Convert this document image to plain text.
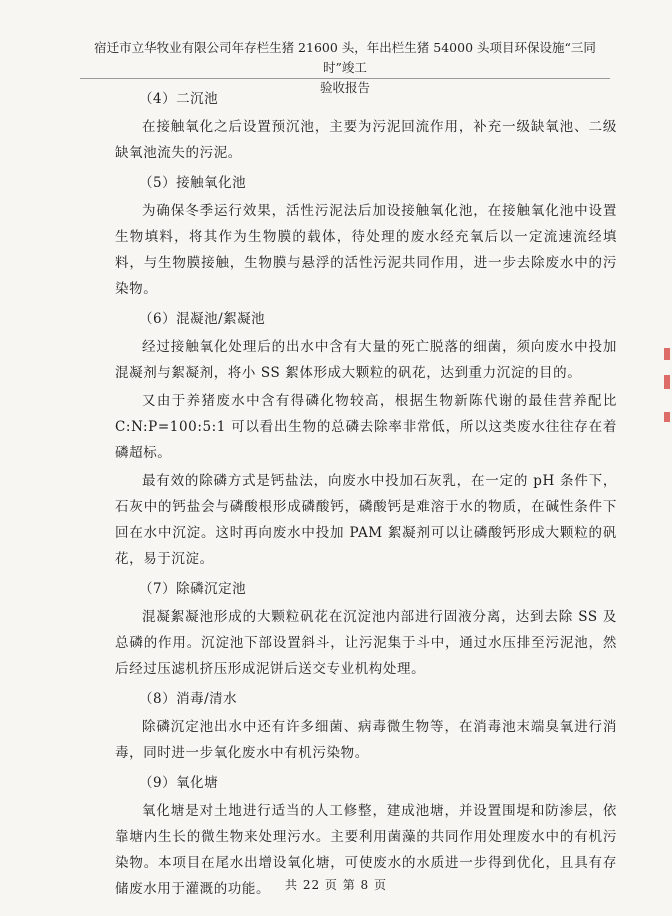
宿迁市立华牧业有限公司年存栏生猪 21600 头，年出栏生猪 54000 头项目环保设施“三同时”竣工
验收报告

（4）二沉池

在接触氧化之后设置预沉池，主要为污泥回流作用，补充一级缺氧池、二级缺氧池流失的污泥。

（5）接触氧化池

为确保冬季运行效果，活性污泥法后加设接触氧化池，在接触氧化池中设置生物填料，将其作为生物膜的载体，待处理的废水经充氧后以一定流速流经填料，与生物膜接触，生物膜与悬浮的活性污泥共同作用，进一步去除废水中的污染物。

（6）混凝池/絮凝池

经过接触氧化处理后的出水中含有大量的死亡脱落的细菌，须向废水中投加混凝剂与絮凝剂，将小 SS 絮体形成大颗粒的矾花，达到重力沉淀的目的。

又由于养猪废水中含有得磷化物较高，根据生物新陈代谢的最佳营养配比 C:N:P=100:5:1 可以看出生物的总磷去除率非常低，所以这类废水往往存在着磷超标。

最有效的除磷方式是钙盐法，向废水中投加石灰乳，在一定的 pH 条件下，石灰中的钙盐会与磷酸根形成磷酸钙，磷酸钙是难溶于水的物质，在碱性条件下回在水中沉淀。这时再向废水中投加 PAM 絮凝剂可以让磷酸钙形成大颗粒的矾花，易于沉淀。

（7）除磷沉定池

混凝絮凝池形成的大颗粒矾花在沉淀池内部进行固液分离，达到去除 SS 及总磷的作用。沉淀池下部设置斜斗，让污泥集于斗中，通过水压排至污泥池，然后经过压滤机挤压形成泥饼后送交专业机构处理。

（8）消毒/清水

除磷沉定池出水中还有许多细菌、病毒微生物等，在消毒池末端臭氧进行消毒，同时进一步氧化废水中有机污染物。

（9）氧化塘

氧化塘是对土地进行适当的人工修整，建成池塘，并设置围堤和防渗层，依靠塘内生长的微生物来处理污水。主要利用菌藻的共同作用处理废水中的有机污染物。本项目在尾水出增设氧化塘，可使废水的水质进一步得到优化，且具有存储废水用于灌溉的功能。	共 22 页 第 8 页
